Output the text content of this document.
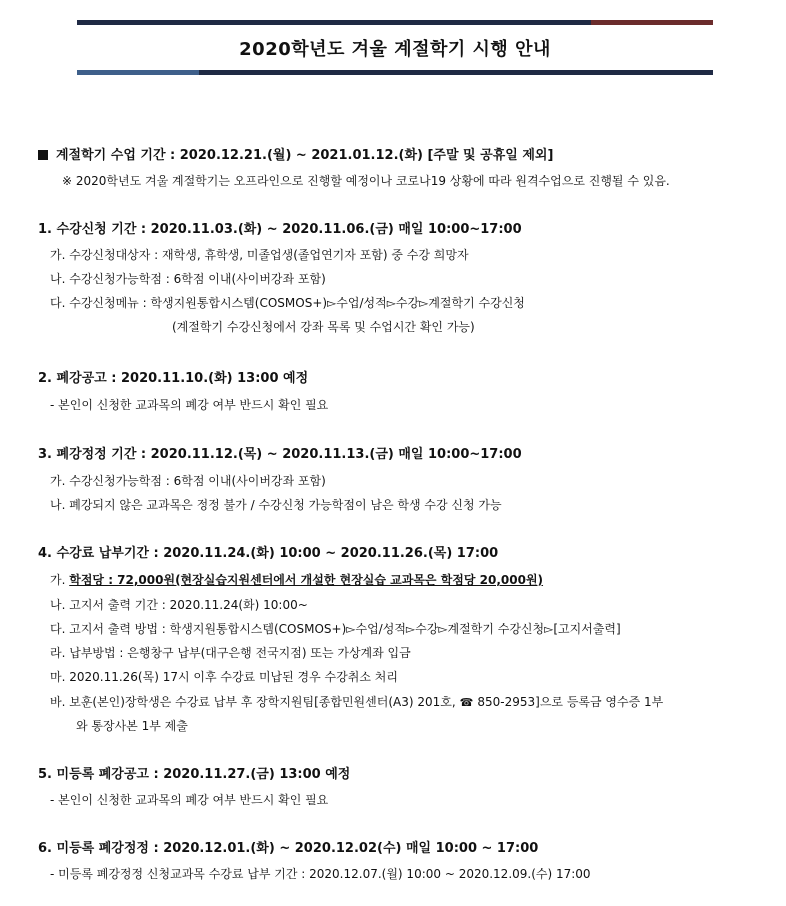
2020학년도 겨울 계절학기 시행 안내
계절학기 수업 기간 : 2020.12.21.(월) ~ 2021.01.12.(화) [주말 및 공휴일 제외]
※ 2020학년도 겨울 계절학기는 오프라인으로 진행할 예정이나 코로나19 상황에 따라 원격수업으로 진행될 수 있음.
1. 수강신청 기간 : 2020.11.03.(화) ~ 2020.11.06.(금) 매일 10:00~17:00
가. 수강신청대상자 : 재학생, 휴학생, 미졸업생(졸업연기자 포함) 중 수강 희망자
나. 수강신청가능학점 : 6학점 이내(사이버강좌 포함)
다. 수강신청메뉴 : 학생지원통합시스템(COSMOS+)▻수업/성적▻수강▻계절학기 수강신청
(계절학기 수강신청에서 강좌 목록 및 수업시간 확인 가능)
2. 폐강공고 : 2020.11.10.(화) 13:00 예정
- 본인이 신청한 교과목의 폐강 여부 반드시 확인 필요
3. 폐강정정 기간 : 2020.11.12.(목) ~ 2020.11.13.(금) 매일 10:00~17:00
가. 수강신청가능학점 : 6학점 이내(사이버강좌 포함)
나. 폐강되지 않은 교과목은 정정 불가 / 수강신청 가능학점이 남은 학생 수강 신청 가능
4. 수강료 납부기간 : 2020.11.24.(화) 10:00 ~ 2020.11.26.(목) 17:00
가. 학점당 : 72,000원(현장실습지원센터에서 개설한 현장실습 교과목은 학점당 20,000원)
나. 고지서 출력 기간 : 2020.11.24(화) 10:00~
다. 고지서 출력 방법 : 학생지원통합시스템(COSMOS+)▻수업/성적▻수강▻계절학기 수강신청▻[고지서출력]
라. 납부방법 : 은행창구 납부(대구은행 전국지점) 또는 가상계좌 입금
마. 2020.11.26(목) 17시 이후 수강료 미납된 경우 수강취소 처리
바. 보훈(본인)장학생은 수강료 납부 후 장학지원팀[종합민원센터(A3) 201호, ☎ 850-2953]으로 등록금 영수증 1부
와 통장사본 1부 제출
5. 미등록 폐강공고 : 2020.11.27.(금) 13:00 예정
- 본인이 신청한 교과목의 폐강 여부 반드시 확인 필요
6. 미등록 폐강정정 : 2020.12.01.(화) ~ 2020.12.02(수) 매일 10:00 ~ 17:00
- 미등록 폐강정정 신청교과목 수강료 납부 기간 : 2020.12.07.(월) 10:00 ~ 2020.12.09.(수) 17:00
